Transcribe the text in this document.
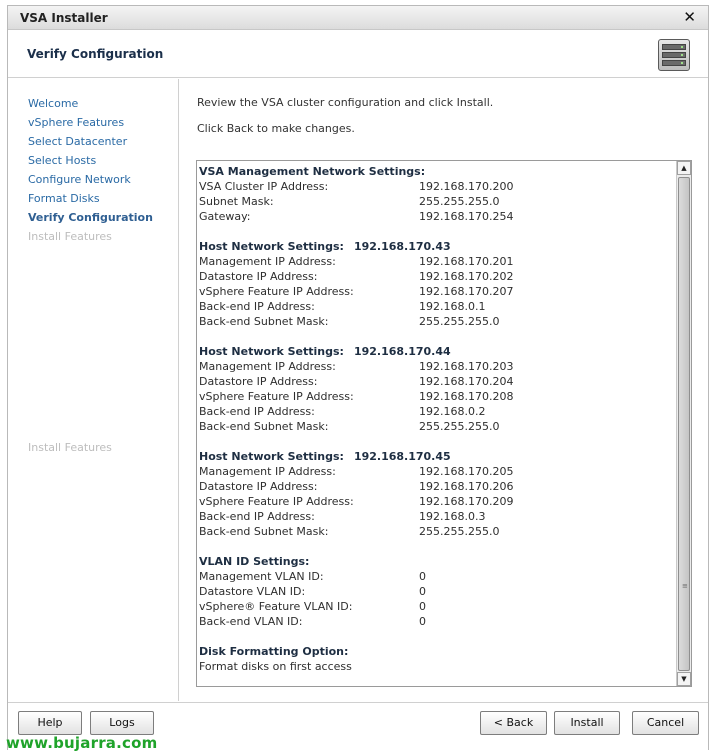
VSA Installer	✕
Verify Configuration
Welcome
vSphere Features
Select Datacenter
Select Hosts
Configure Network
Format Disks
Verify Configuration
Install Features
Install Features
Review the VSA cluster configuration and click Install.
Click Back to make changes.
VSA Management Network Settings:
VSA Cluster IP Address:	192.168.170.200
Subnet Mask:	255.255.255.0
Gateway:	192.168.170.254
Host Network Settings: 192.168.170.43
Management IP Address:	192.168.170.201
Datastore IP Address:	192.168.170.202
vSphere Feature IP Address:	192.168.170.207
Back-end IP Address:	192.168.0.1
Back-end Subnet Mask:	255.255.255.0
Host Network Settings: 192.168.170.44
Management IP Address:	192.168.170.203
Datastore IP Address:	192.168.170.204
vSphere Feature IP Address:	192.168.170.208
Back-end IP Address:	192.168.0.2
Back-end Subnet Mask:	255.255.255.0
Host Network Settings: 192.168.170.45
Management IP Address:	192.168.170.205
Datastore IP Address:	192.168.170.206
vSphere Feature IP Address:	192.168.170.209
Back-end IP Address:	192.168.0.3
Back-end Subnet Mask:	255.255.255.0
VLAN ID Settings:
Management VLAN ID:	0
Datastore VLAN ID:	0
vSphere® Feature VLAN ID:	0
Back-end VLAN ID:	0
Disk Formatting Option:
Format disks on first access
▲
≡
▼
Help	Logs	< Back	Install	Cancel
www.bujarra.com
